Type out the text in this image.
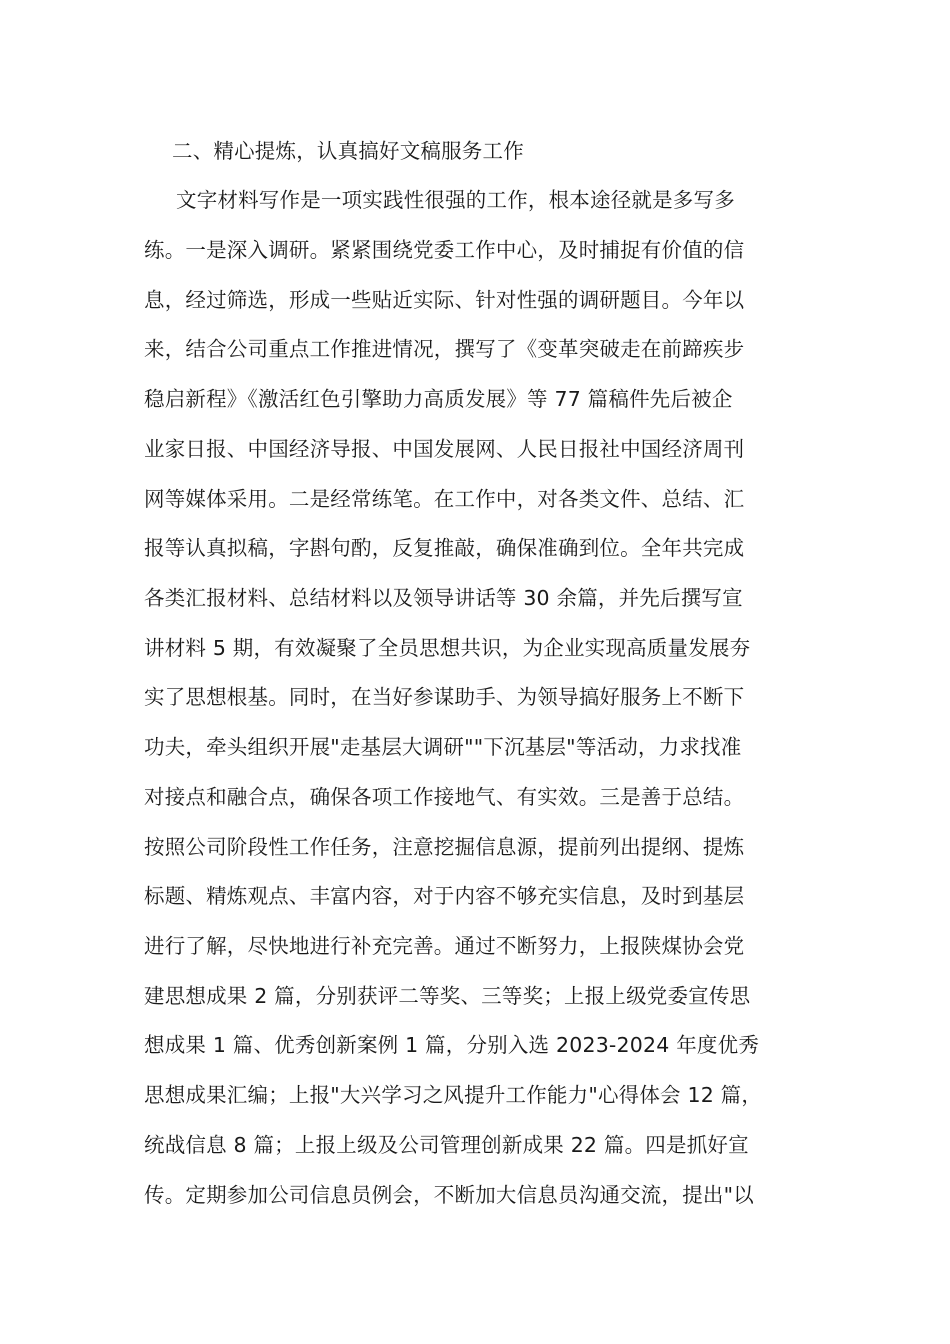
二、精心提炼，认真搞好文稿服务工作
文字材料写作是一项实践性很强的工作，根本途径就是多写多
练。一是深入调研。紧紧围绕党委工作中心，及时捕捉有价值的信
息，经过筛选，形成一些贴近实际、针对性强的调研题目。今年以
来，结合公司重点工作推进情况，撰写了《变革突破走在前蹄疾步
稳启新程》《激活红色引擎助力高质发展》等 77 篇稿件先后被企
业家日报、中国经济导报、中国发展网、人民日报社中国经济周刊
网等媒体采用。二是经常练笔。在工作中，对各类文件、总结、汇
报等认真拟稿，字斟句酌，反复推敲，确保准确到位。全年共完成
各类汇报材料、总结材料以及领导讲话等 30 余篇，并先后撰写宣
讲材料 5 期，有效凝聚了全员思想共识，为企业实现高质量发展夯
实了思想根基。同时，在当好参谋助手、为领导搞好服务上不断下
功夫，牵头组织开展"走基层大调研""下沉基层"等活动，力求找准
对接点和融合点，确保各项工作接地气、有实效。三是善于总结。
按照公司阶段性工作任务，注意挖掘信息源，提前列出提纲、提炼
标题、精炼观点、丰富内容，对于内容不够充实信息，及时到基层
进行了解，尽快地进行补充完善。通过不断努力，上报陕煤协会党
建思想成果 2 篇，分别获评二等奖、三等奖；上报上级党委宣传思
想成果 1 篇、优秀创新案例 1 篇，分别入选 2023-2024 年度优秀
思想成果汇编；上报"大兴学习之风提升工作能力"心得体会 12 篇，
统战信息 8 篇；上报上级及公司管理创新成果 22 篇。四是抓好宣
传。定期参加公司信息员例会，不断加大信息员沟通交流，提出"以
